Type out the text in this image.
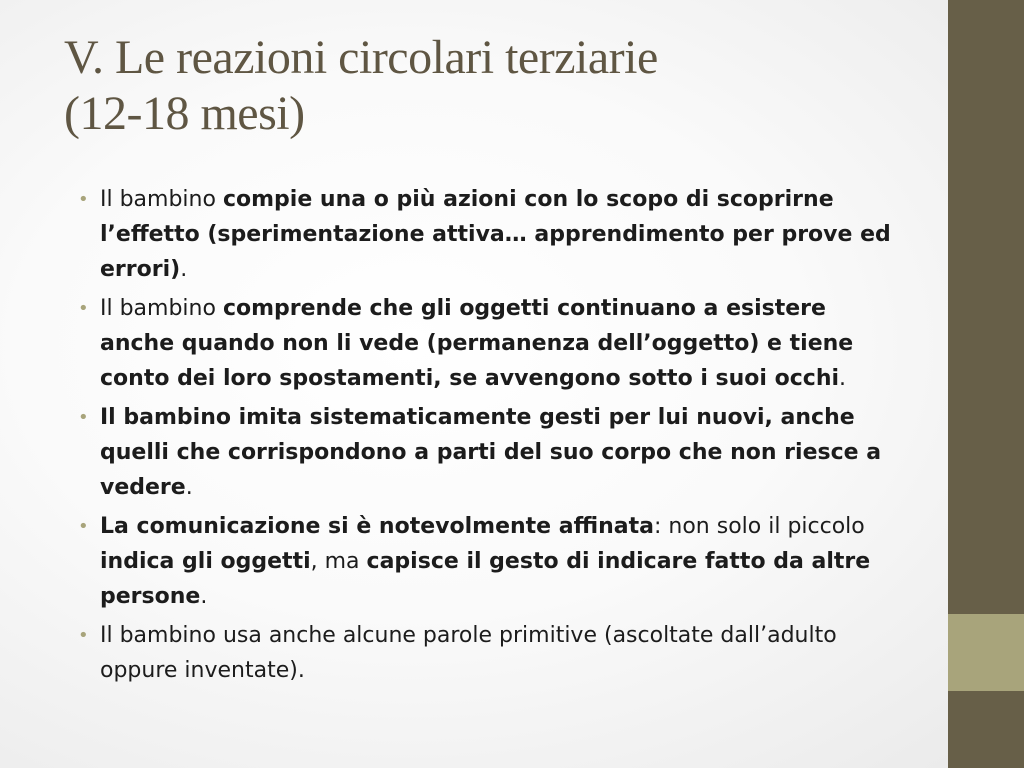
V. Le reazioni circolari terziarie
(12-18 mesi)
• Il bambino compie una o più azioni con lo scopo di scoprirne l’effetto (sperimentazione attiva… apprendimento per prove ed errori).
• Il bambino comprende che gli oggetti continuano a esistere anche quando non li vede (permanenza dell’oggetto) e tiene conto dei loro spostamenti, se avvengono sotto i suoi occhi.
• Il bambino imita sistematicamente gesti per lui nuovi, anche quelli che corrispondono a parti del suo corpo che non riesce a vedere.
• La comunicazione si è notevolmente affinata: non solo il piccolo indica gli oggetti, ma capisce il gesto di indicare fatto da altre persone.
• Il bambino usa anche alcune parole primitive (ascoltate dall’adulto oppure inventate).
